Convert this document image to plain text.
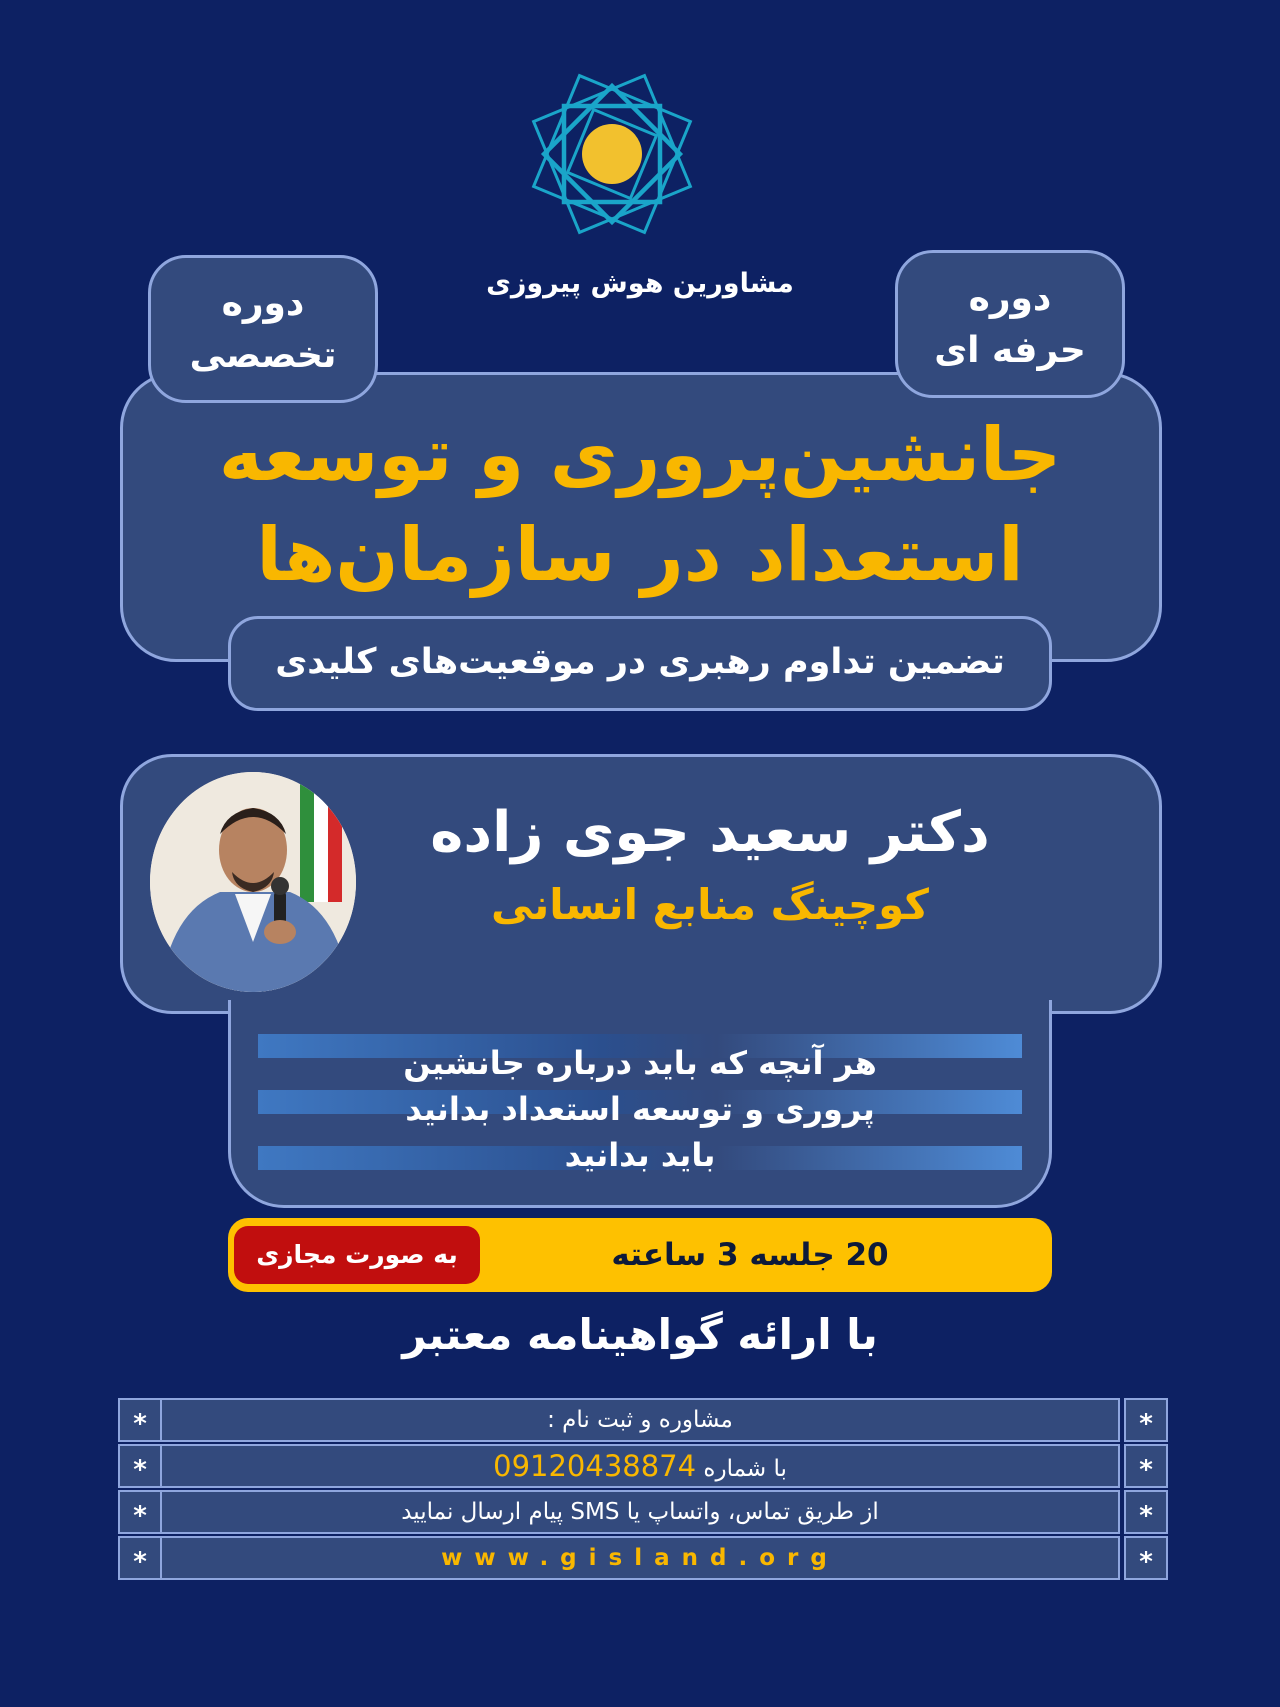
مشاورین هوش پیروزی
دوره
تخصصی
دوره
حرفه ای
جانشین‌پروری و توسعه
استعداد در سازمان‌ها
تضمین تداوم رهبری در موقعیت‌های کلیدی
دکتر سعید جوی زاده
کوچینگ منابع انسانی
هر آنچه که باید درباره جانشین
پروری و توسعه استعداد بدانید
باید بدانید
20 جلسه 3 ساعته
به صورت مجازی
با ارائه گواهینامه معتبر
*	مشاوره و ثبت نام :	*
*	با شماره 09120438874	*
*	از طریق تماس، واتساپ یا SMS پیام ارسال نمایید	*
*	www.gisland.org	*
